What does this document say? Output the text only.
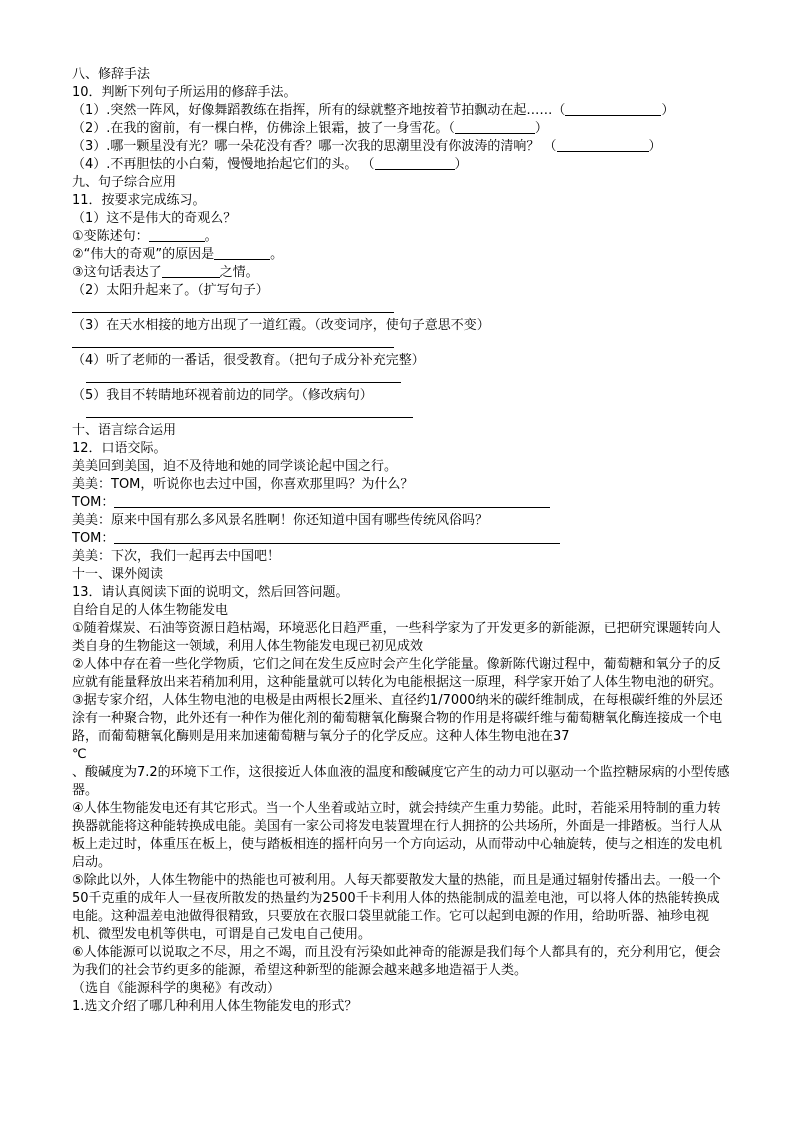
八、修辞手法
10．判断下列句子所运用的修辞手法。
（1）.突然一阵风，好像舞蹈教练在指挥，所有的绿就整齐地按着节拍飘动在起……（	）
（2）.在我的窗前，有一棵白桦，仿佛涂上银霜，披了一身雪花。（	）
（3）.哪一颗星没有光？哪一朵花没有香？哪一次我的思潮里没有你波涛的清响？ （	）
（4）.不再胆怯的小白菊，慢慢地抬起它们的头。 （	）
九、句子综合应用
11．按要求完成练习。
（1）这不是伟大的奇观么？
①变陈述句：	。
②“伟大的奇观”的原因是	。
③这句话表达了	之情。
（2）太阳升起来了。（扩写句子）
（3）在天水相接的地方出现了一道红霞。（改变词序，使句子意思不变）
（4）听了老师的一番话，很受教育。（把句子成分补充完整）
（5）我目不转睛地环视着前边的同学。（修改病句）
十、语言综合运用
12．口语交际。
美美回到美国，迫不及待地和她的同学谈论起中国之行。
美美：TOM，听说你也去过中国，你喜欢那里吗？为什么？
TOM：
美美：原来中国有那么多风景名胜啊！你还知道中国有哪些传统风俗吗？
TOM：
美美：下次，我们一起再去中国吧！
十一、课外阅读
13．请认真阅读下面的说明文，然后回答问题。
自给自足的人体生物能发电
①随着煤炭、石油等资源日趋枯竭，环境恶化日趋严重，一些科学家为了开发更多的新能源，已把研究课题转向人类自身的生物能这一领域，利用人体生物能发电现已初见成效
②人体中存在着一些化学物质，它们之间在发生反应时会产生化学能量。像新陈代谢过程中，葡萄糖和氧分子的反应就有能量释放出来若稍加利用，这种能量就可以转化为电能根据这一原理，科学家开始了人体生物电池的研究。
③据专家介绍，人体生物电池的电极是由两根长2厘米、直径约1/7000纳米的碳纤维制成，在每根碳纤维的外层还涂有一种聚合物，此外还有一种作为催化剂的葡萄糖氧化酶聚合物的作用是将碳纤维与葡萄糖氧化酶连接成一个电路，而葡萄糖氧化酶则是用来加速葡萄糖与氧分子的化学反应。这种人体生物电池在37
℃
、酸碱度为7.2的环境下工作，这很接近人体血液的温度和酸碱度它产生的动力可以驱动一个监控糖尿病的小型传感器。
④人体生物能发电还有其它形式。当一个人坐着或站立时，就会持续产生重力势能。此时，若能采用特制的重力转换器就能将这种能转换成电能。美国有一家公司将发电装置埋在行人拥挤的公共场所，外面是一排踏板。当行人从板上走过时，体重压在板上，使与踏板相连的摇杆向另一个方向运动，从而带动中心轴旋转，使与之相连的发电机启动。
⑤除此以外，人体生物能中的热能也可被利用。人每天都要散发大量的热能，而且是通过辐射传播出去。一般一个50千克重的成年人一昼夜所散发的热量约为2500千卡利用人体的热能制成的温差电池，可以将人体的热能转换成电能。这种温差电池做得很精致，只要放在衣服口袋里就能工作。它可以起到电源的作用，给助听器、袖珍电视机、微型发电机等供电，可谓是自己发电自己使用。
⑥人体能源可以说取之不尽，用之不竭，而且没有污染如此神奇的能源是我们每个人都具有的，充分利用它，便会为我们的社会节约更多的能源，希望这种新型的能源会越来越多地造福于人类。
（选自《能源科学的奥秘》有改动）
1.选文介绍了哪几种利用人体生物能发电的形式？
